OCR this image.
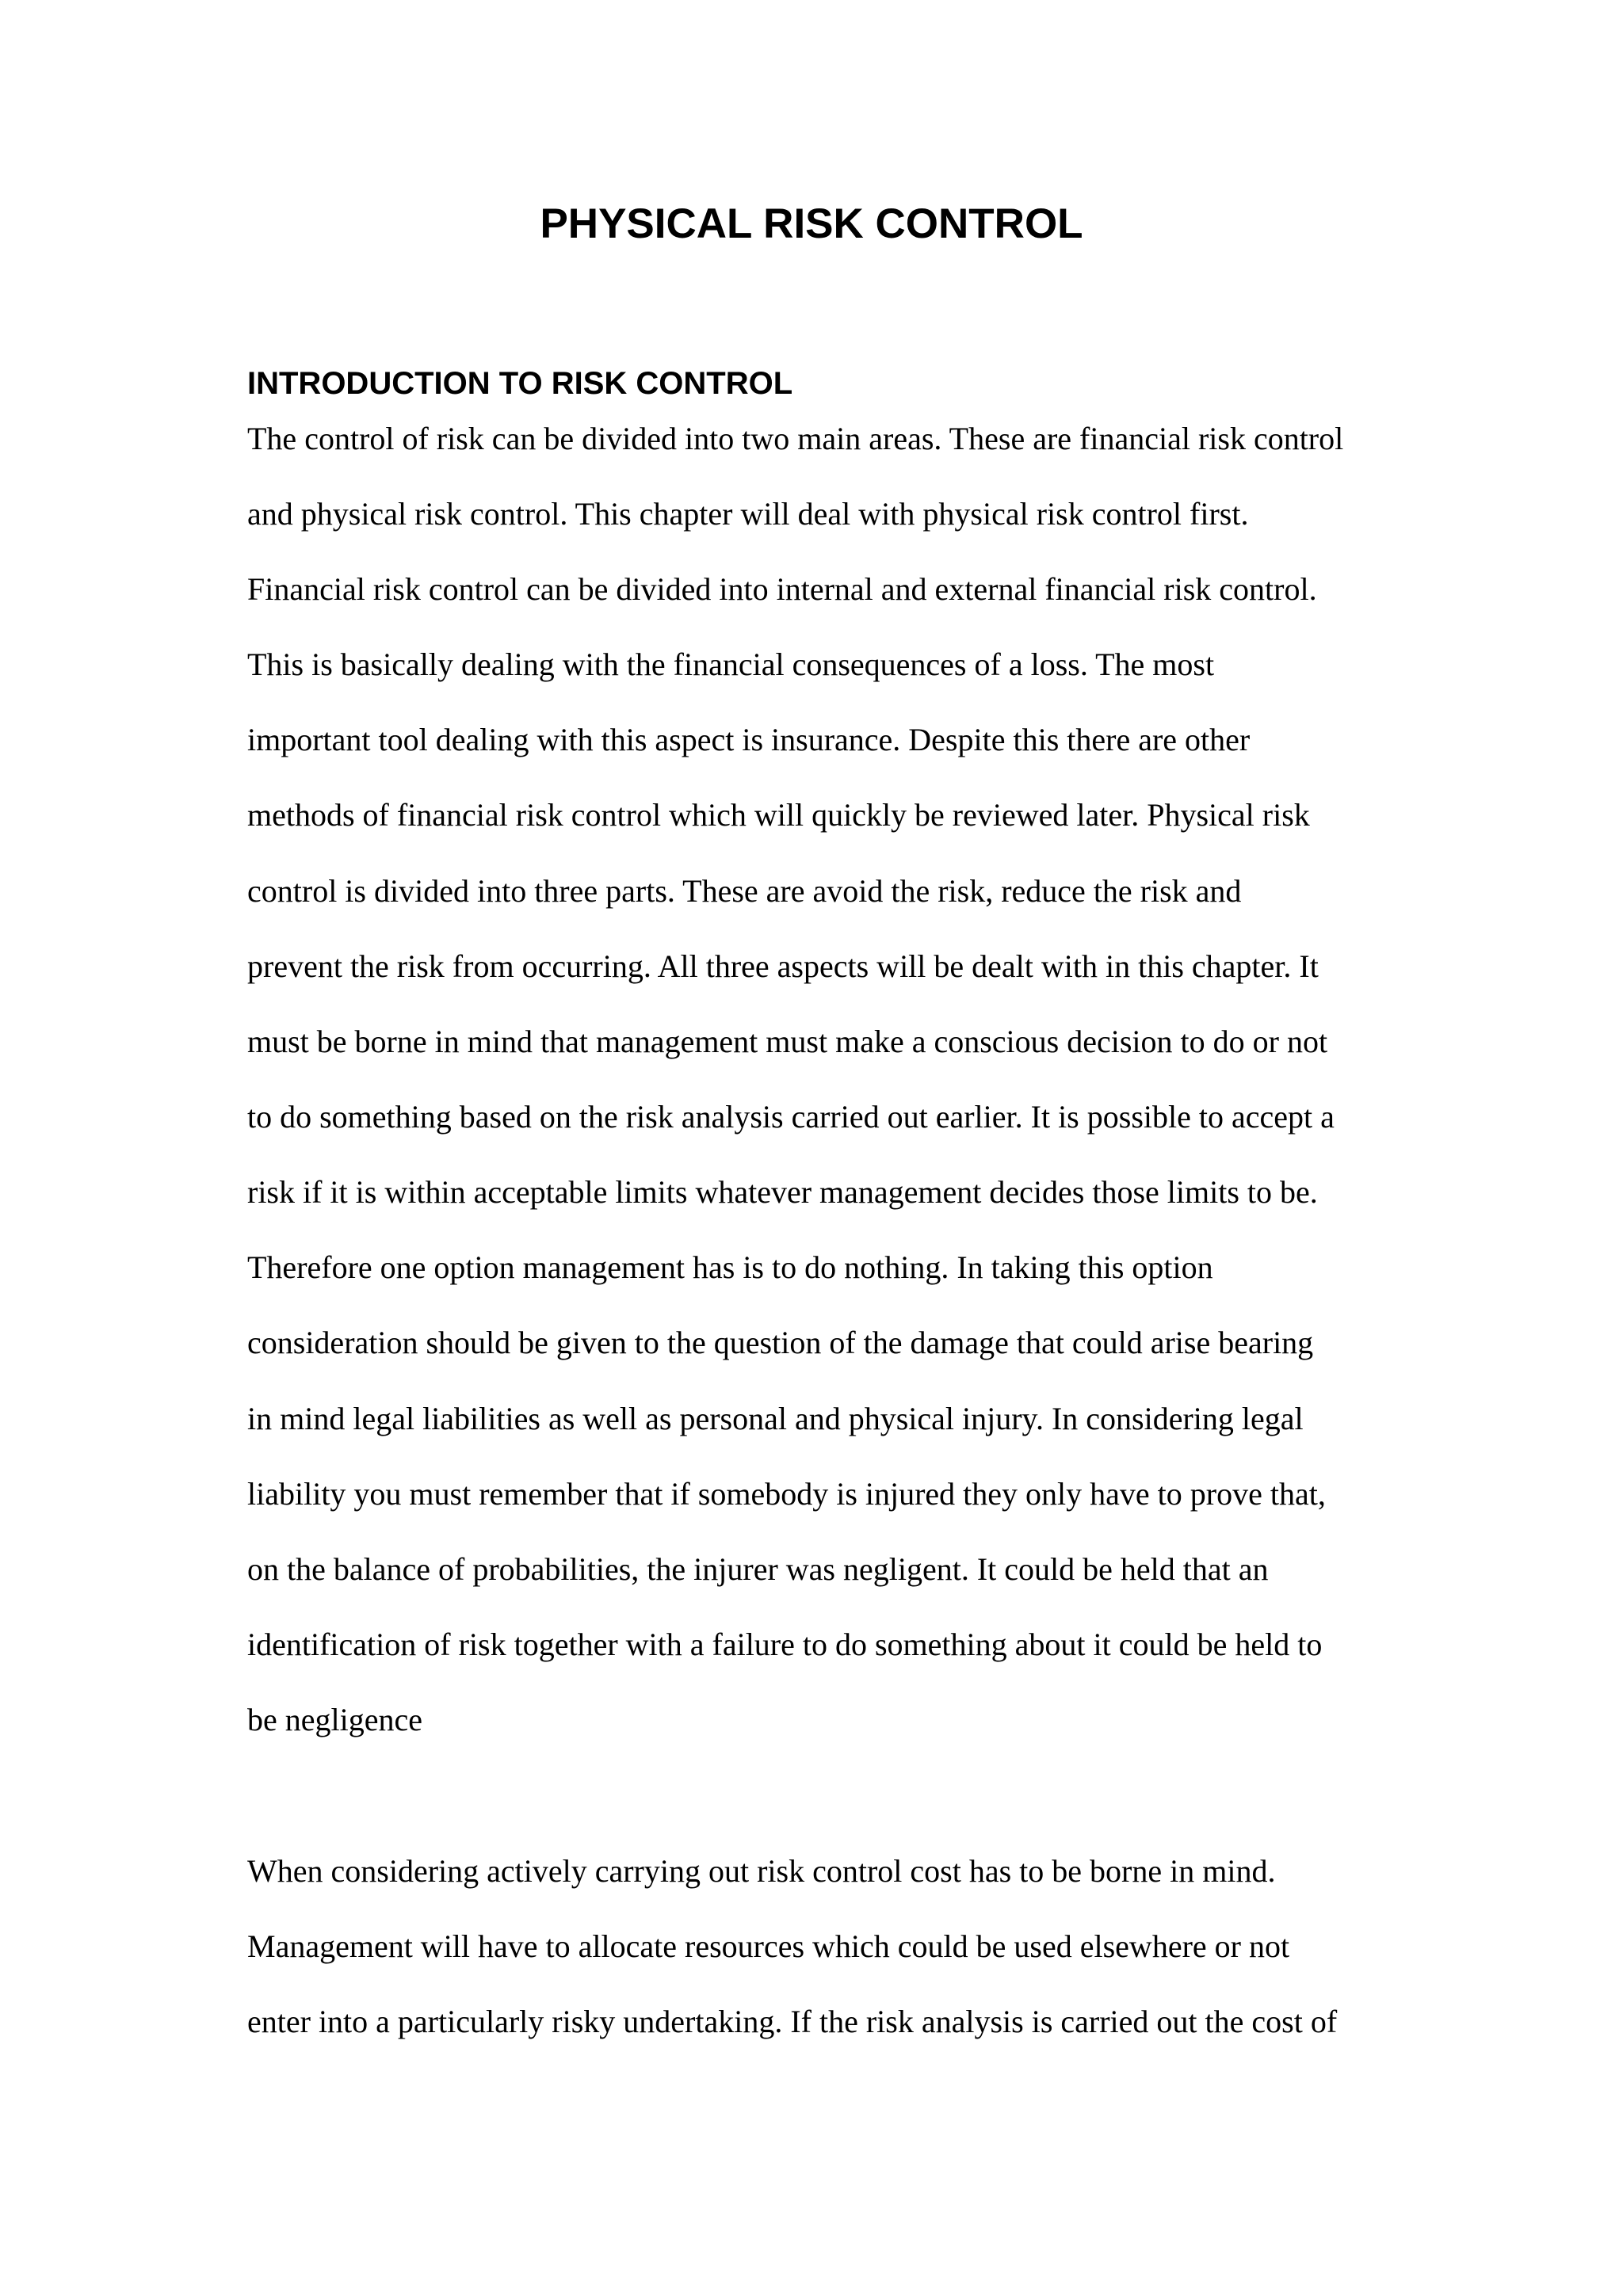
PHYSICAL RISK CONTROL
INTRODUCTION TO RISK CONTROL

The control of risk can be divided into two main areas. These are financial risk control

and physical risk control. This chapter will deal with physical risk control first.

Financial risk control can be divided into internal and external financial risk control.

This is basically dealing with the financial consequences of a loss. The most

important tool dealing with this aspect is insurance. Despite this there are other

methods of financial risk control which will quickly be reviewed later. Physical risk

control is divided into three parts. These are avoid the risk, reduce the risk and

prevent the risk from occurring. All three aspects will be dealt with in this chapter. It

must be borne in mind that management must make a conscious decision to do or not

to do something based on the risk analysis carried out earlier. It is possible to accept a

risk if it is within acceptable limits whatever management decides those limits to be.

Therefore one option management has is to do nothing. In taking this option

consideration should be given to the question of the damage that could arise bearing

in mind legal liabilities as well as personal and physical injury. In considering legal

liability you must remember that if somebody is injured they only have to prove that,

on the balance of probabilities, the injurer was negligent. It could be held that an

identification of risk together with a failure to do something about it could be held to

be negligence

When considering actively carrying out risk control cost has to be borne in mind.

Management will have to allocate resources which could be used elsewhere or not

enter into a particularly risky undertaking. If the risk analysis is carried out the cost of
